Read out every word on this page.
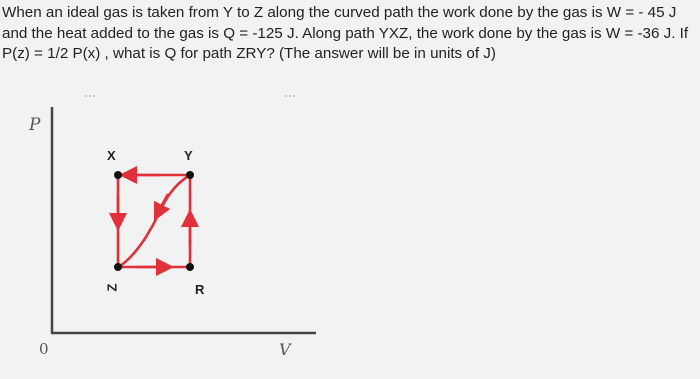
When an ideal gas is taken from Y to Z along the curved path the work done by the gas is W = - 45 J
and the heat added to the gas is Q = -125 J. Along path YXZ, the work done by the gas is W = -36 J. If
P(z) = 1/2 P(x) , what is Q for path ZRY? (The answer will be in units of J)
P
V
0
X	Y
Z	R
